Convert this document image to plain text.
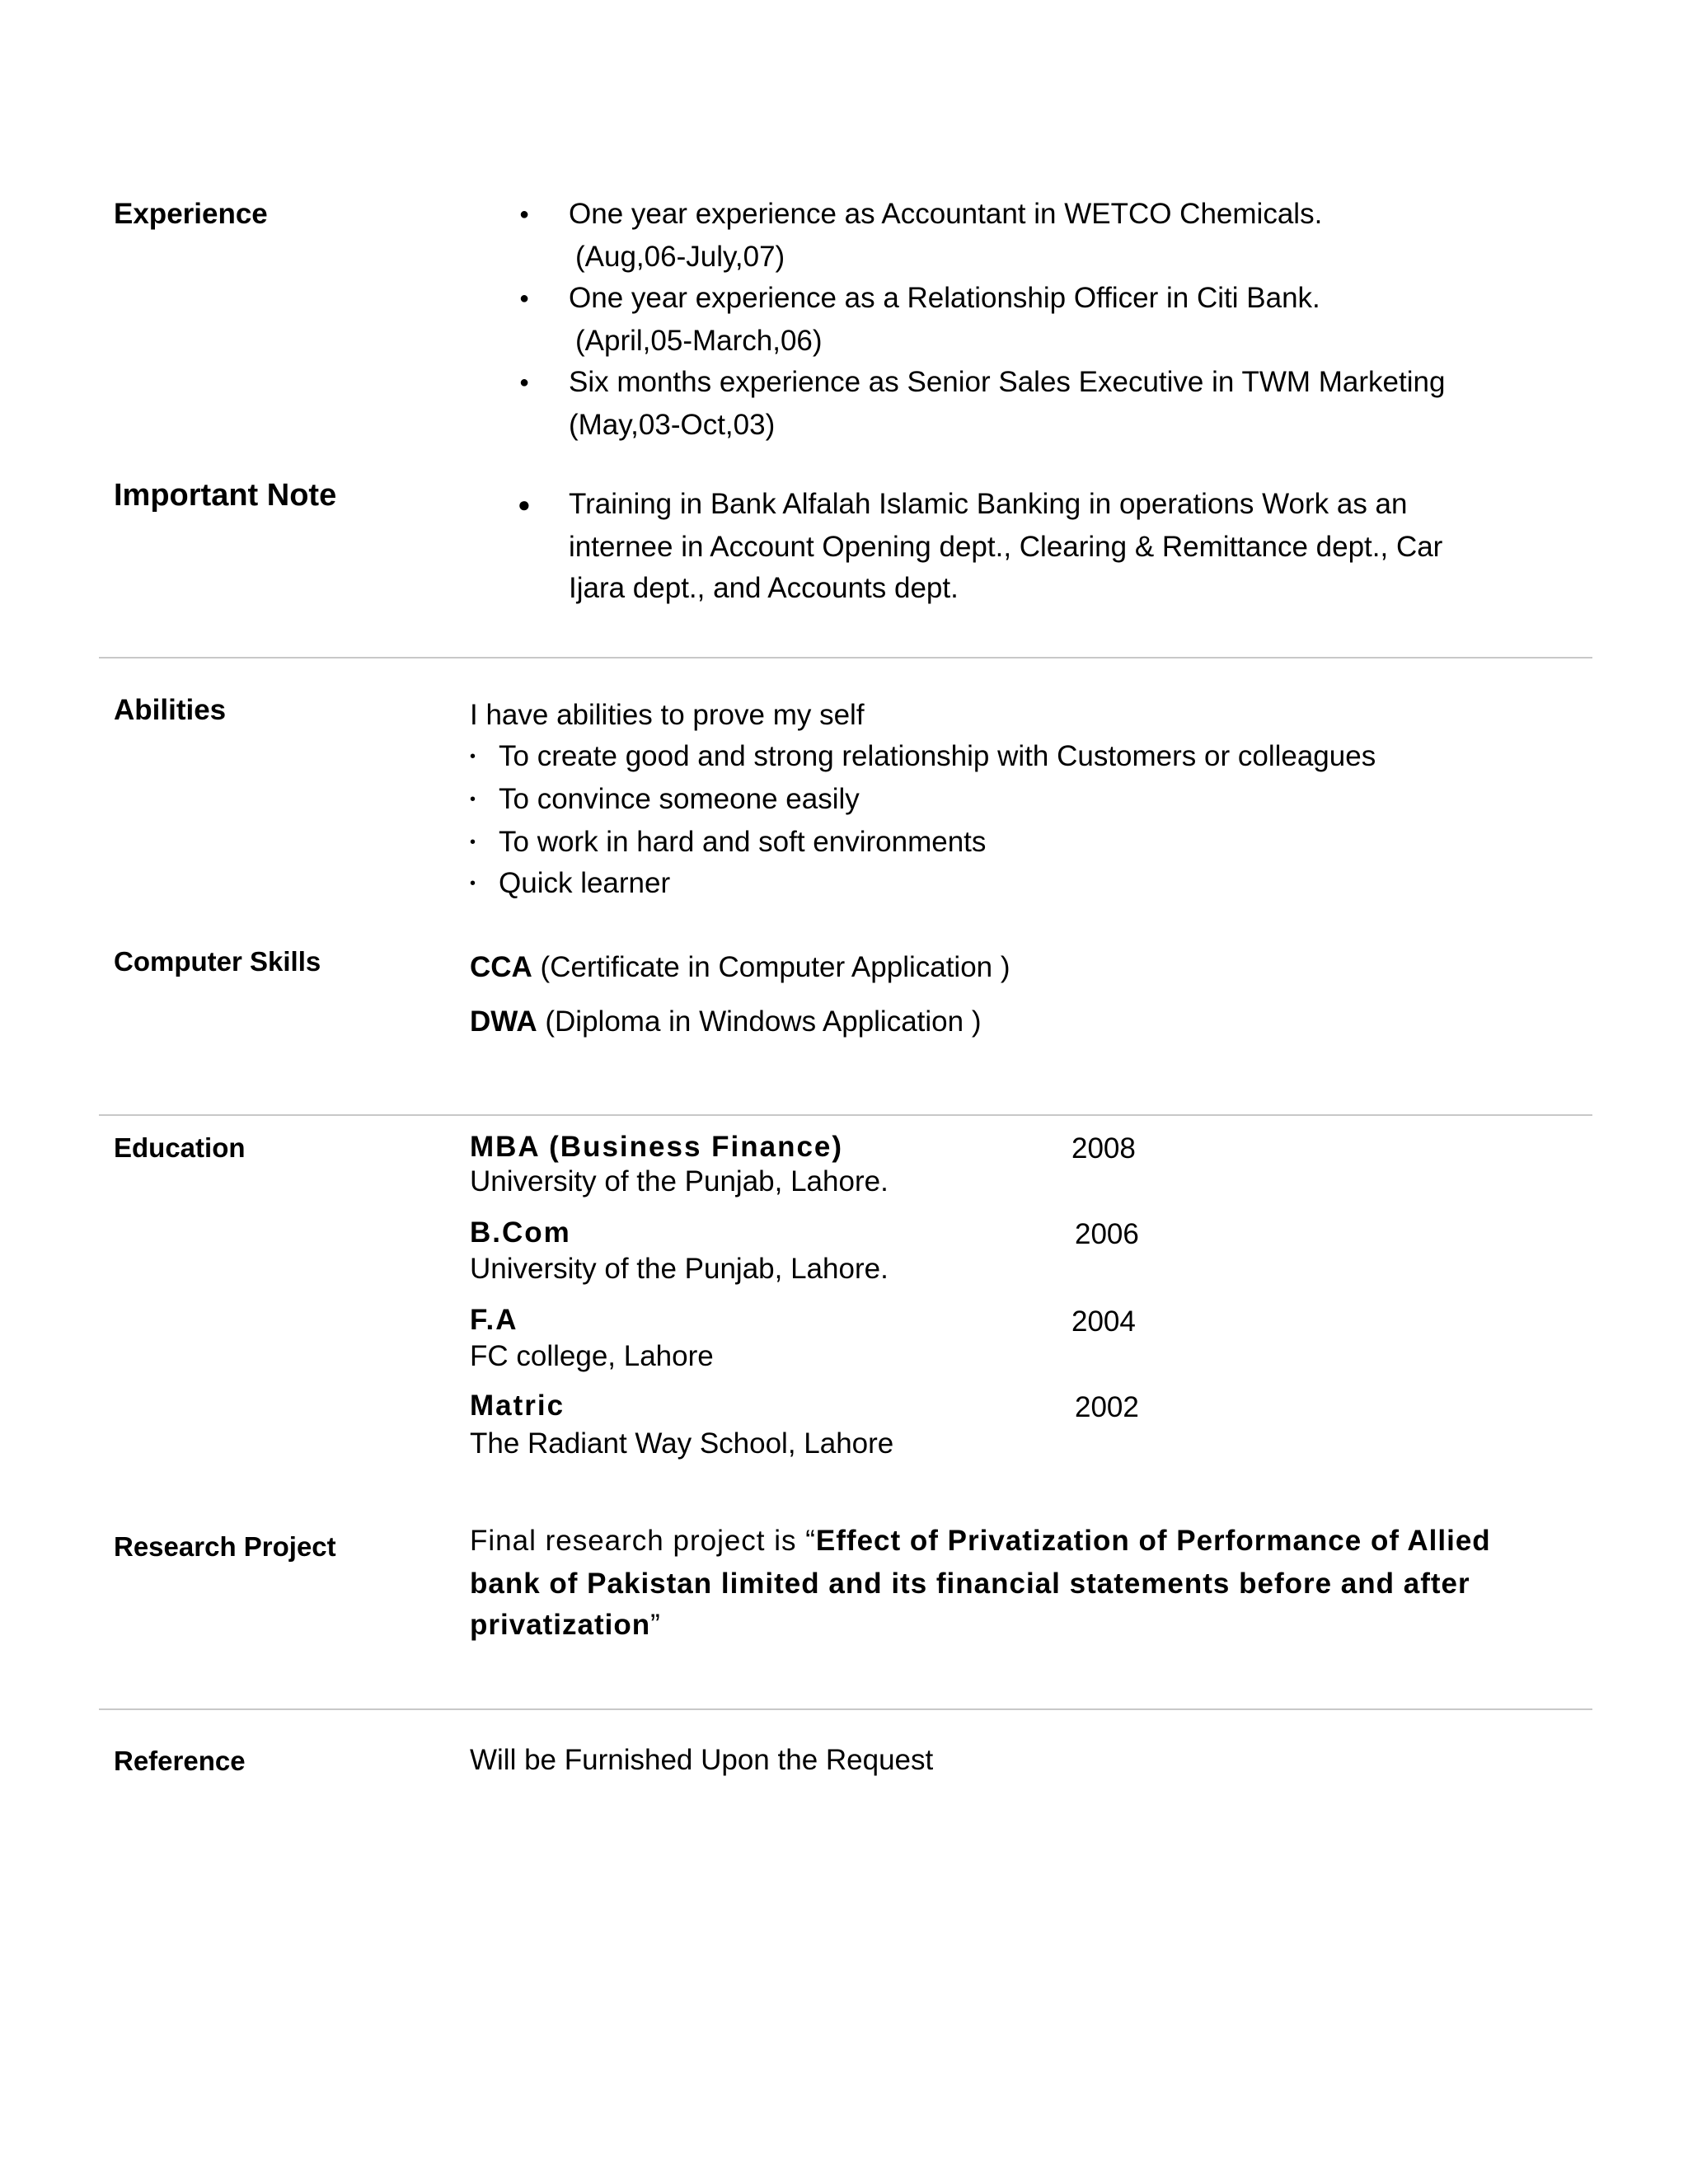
Experience	● One year experience as Accountant in WETCO Chemicals.
(Aug,06-July,07)
● One year experience as a Relationship Officer in Citi Bank.
(April,05-March,06)
● Six months experience as Senior Sales Executive in TWM Marketing
(May,03-Oct,03)
Important Note	● Training in Bank Alfalah Islamic Banking in operations Work as an
internee in Account Opening dept., Clearing & Remittance dept., Car
Ijara dept., and Accounts dept.
Abilities	I have abilities to prove my self
• To create good and strong relationship with Customers or colleagues
• To convince someone easily
• To work in hard and soft environments
• Quick learner
Computer Skills	CCA (Certificate in Computer Application )
DWA (Diploma in Windows Application )
Education	MBA (Business Finance)	2008
University of the Punjab, Lahore.
B.Com	2006
University of the Punjab, Lahore.
F.A	2004
FC college, Lahore
Matric	2002
The Radiant Way School, Lahore
Research Project	Final research project is “Effect of Privatization of Performance of Allied
bank of Pakistan limited and its financial statements before and after
privatization”
Reference	Will be Furnished Upon the Request
